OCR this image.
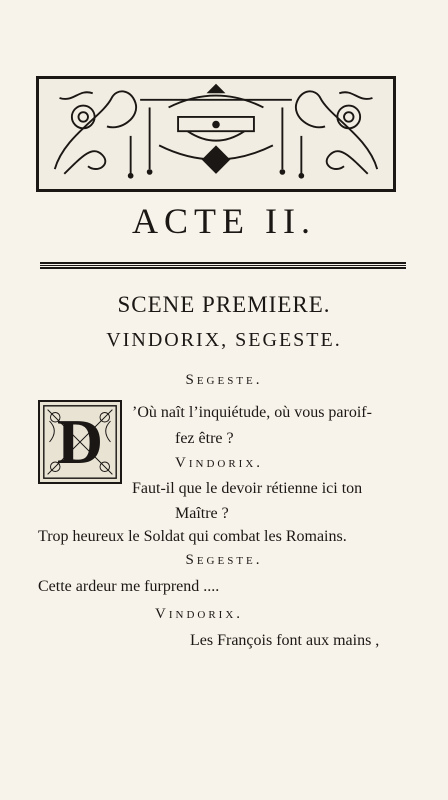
ACTE II.
SCENE PREMIERE.
VINDORIX, SEGESTE.
Segeste.
D	’Où naît l’inquiétude, où vous paroif-
fez être ?
Vindorix.
Faut-il que le devoir rétienne ici ton
Maître ?
Trop heureux le Soldat qui combat les Romains.
Segeste.
Cette ardeur me furprend ....
Vindorix.
Les François font aux mains ,
